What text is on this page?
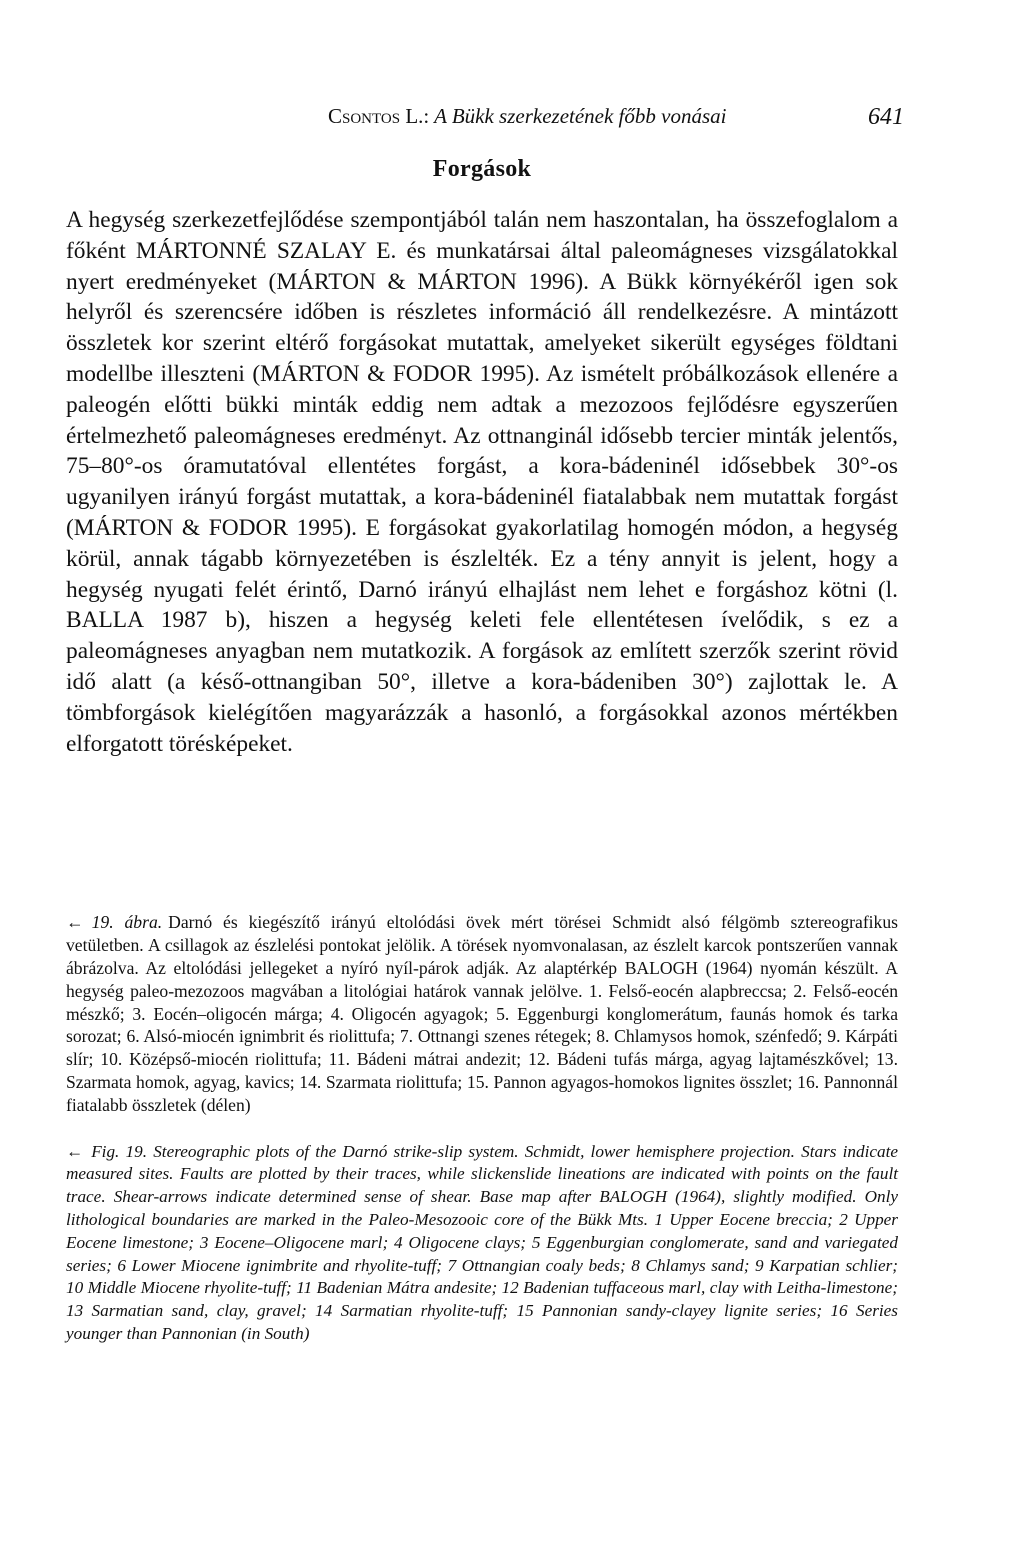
Csontos L.: A Bükk szerkezetének főbb vonásai	641
Forgások

A hegység szerkezetfejlődése szempontjából talán nem haszontalan, ha összefoglalom a főként MÁRTONNÉ SZALAY E. és munkatársai által paleomágneses vizsgálatokkal nyert eredményeket (MÁRTON & MÁRTON 1996). A Bükk környékéről igen sok helyről és szerencsére időben is részletes információ áll rendelkezésre. A mintázott összletek kor szerint eltérő forgásokat mutattak, amelyeket sikerült egységes földtani modellbe illeszteni (MÁRTON & FODOR 1995). Az ismételt próbálkozások ellenére a paleogén előtti bükki minták eddig nem adtak a mezozoos fejlődésre egyszerűen értelmezhető paleomágneses eredményt. Az ottnanginál idősebb tercier minták jelentős, 75–80°-os óramutatóval ellentétes forgást, a kora-bádeninél idősebbek 30°-os ugyanilyen irányú forgást mutattak, a kora-bádeninél fiatalabbak nem mutattak forgást (MÁRTON & FODOR 1995). E forgásokat gyakorlatilag homogén módon, a hegység körül, annak tágabb környezetében is észlelték. Ez a tény annyit is jelent, hogy a hegység nyugati felét érintő, Darnó irányú elhajlást nem lehet e forgáshoz kötni (l. BALLA 1987 b), hiszen a hegység keleti fele ellentétesen ívelődik, s ez a paleomágneses anyagban nem mutatkozik. A forgások az említett szerzők szerint rövid idő alatt (a késő-ottnangiban 50°, illetve a kora-bádeniben 30°) zajlottak le. A tömbforgások kielégítően magyarázzák a hasonló, a forgásokkal azonos mértékben elforgatott törésképeket.

← 19. ábra. Darnó és kiegészítő irányú eltolódási övek mért törései Schmidt alsó félgömb sztereografikus vetületben. A csillagok az észlelési pontokat jelölik. A törések nyomvonalasan, az észlelt karcok pontszerűen vannak ábrázolva. Az eltolódási jellegeket a nyíró nyíl-párok adják. Az alaptérkép BALOGH (1964) nyomán készült. A hegység paleo-mezozoos magvában a litológiai határok vannak jelölve. 1. Felső-eocén alapbreccsa; 2. Felső-eocén mészkő; 3. Eocén–oligocén márga; 4. Oligocén agyagok; 5. Eggenburgi konglomerátum, faunás homok és tarka sorozat; 6. Alsó-miocén ignimbrit és riolittufa; 7. Ottnangi szenes rétegek; 8. Chlamysos homok, szénfedő; 9. Kárpáti slír; 10. Középső-miocén riolittufa; 11. Bádeni mátrai andezit; 12. Bádeni tufás márga, agyag lajtamészkővel; 13. Szarmata homok, agyag, kavics; 14. Szarmata riolittufa; 15. Pannon agyagos-homokos lignites összlet; 16. Pannonnál fiatalabb összletek (délen)
← Fig. 19. Stereographic plots of the Darnó strike-slip system. Schmidt, lower hemisphere projection. Stars indicate measured sites. Faults are plotted by their traces, while slickenslide lineations are indicated with points on the fault trace. Shear-arrows indicate determined sense of shear. Base map after BALOGH (1964), slightly modified. Only lithological boundaries are marked in the Paleo-Mesozooic core of the Bükk Mts. 1 Upper Eocene breccia; 2 Upper Eocene limestone; 3 Eocene–Oligocene marl; 4 Oligocene clays; 5 Eggenburgian conglomerate, sand and variegated series; 6 Lower Miocene ignimbrite and rhyolite-tuff; 7 Ottnangian coaly beds; 8 Chlamys sand; 9 Karpatian schlier; 10 Middle Miocene rhyolite-tuff; 11 Badenian Mátra andesite; 12 Badenian tuffaceous marl, clay with Leitha-limestone; 13 Sarmatian sand, clay, gravel; 14 Sarmatian rhyolite-tuff; 15 Pannonian sandy-clayey lignite series; 16 Series younger than Pannonian (in South)
